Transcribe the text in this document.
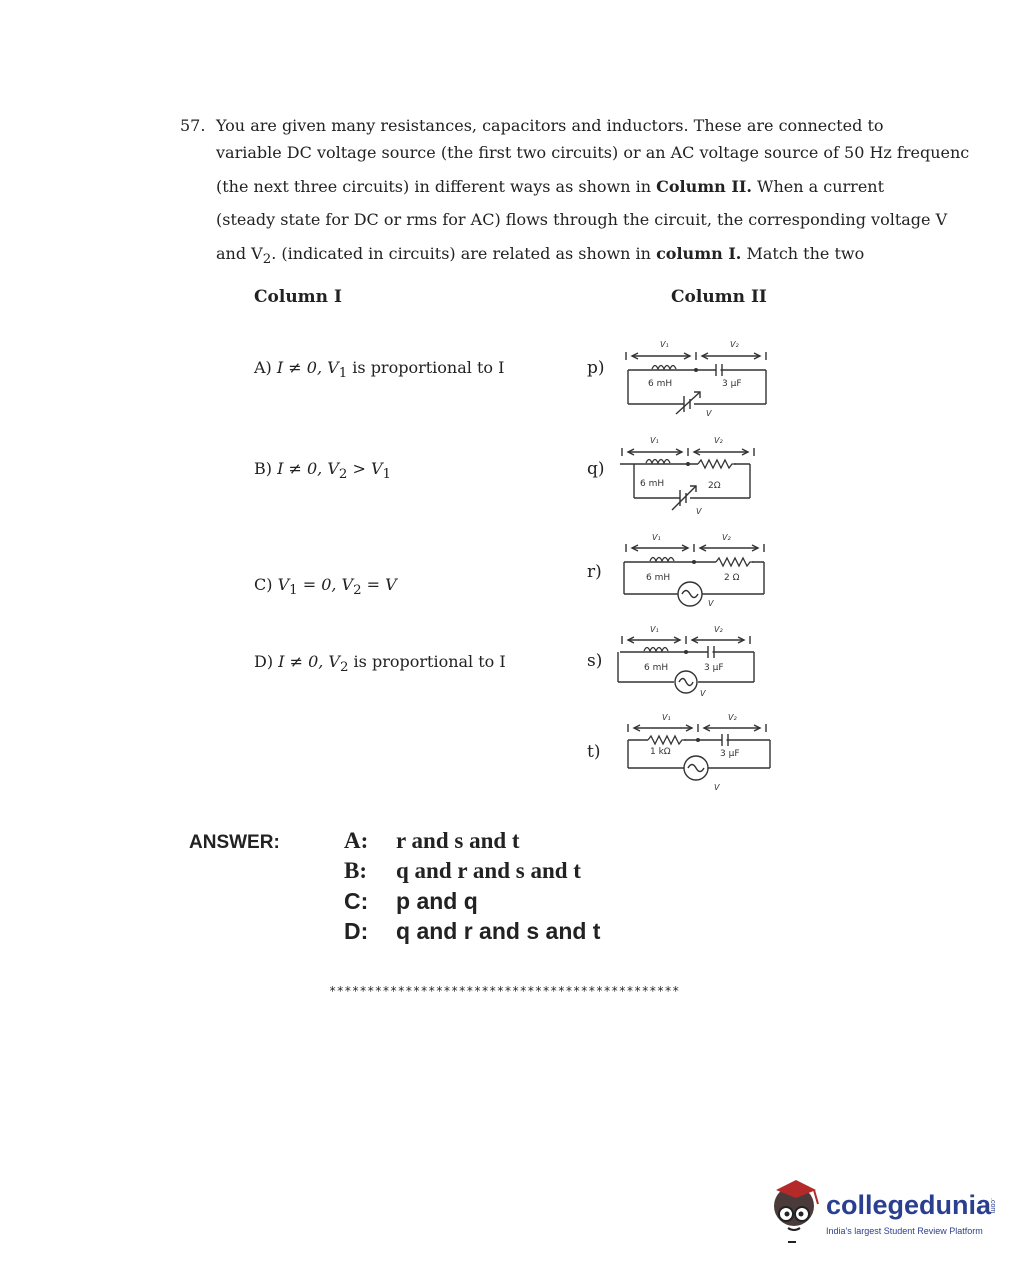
57. You are given many resistances, capacitors and inductors. These are connected to
variable DC voltage source (the first two circuits) or an AC voltage source of 50 Hz frequenc
(the next three circuits) in different ways as shown in Column II. When a current
(steady state for DC or rms for AC) flows through the circuit, the corresponding voltage V
and $V_2$. (indicated in circuits) are related as shown in column I. Match the two
Column I	Column II
A) I ≠ 0, $V_1$ is proportional to I
B) I ≠ 0, $V_2 > V_1$
C) $V_1 = 0$, $V_2 = V$
D) I ≠ 0, $V_2$ is proportional to I
p)
q)
r)
s)
t)
V₁	V₂
6 mH	3 μF
V
V₁	V₂
6 mH	2Ω
V
V₁	V₂
6 mH	2 Ω
V
V₁	V₂
6 mH	3 μF
V
V₁	V₂
1 kΩ	3 μF
V
ANSWER:	A: r and s and t
B: q and r and s and t
C: p and q
D: q and r and s and t
**********************************************
collegedunia
.com
India's largest Student Review Platform
